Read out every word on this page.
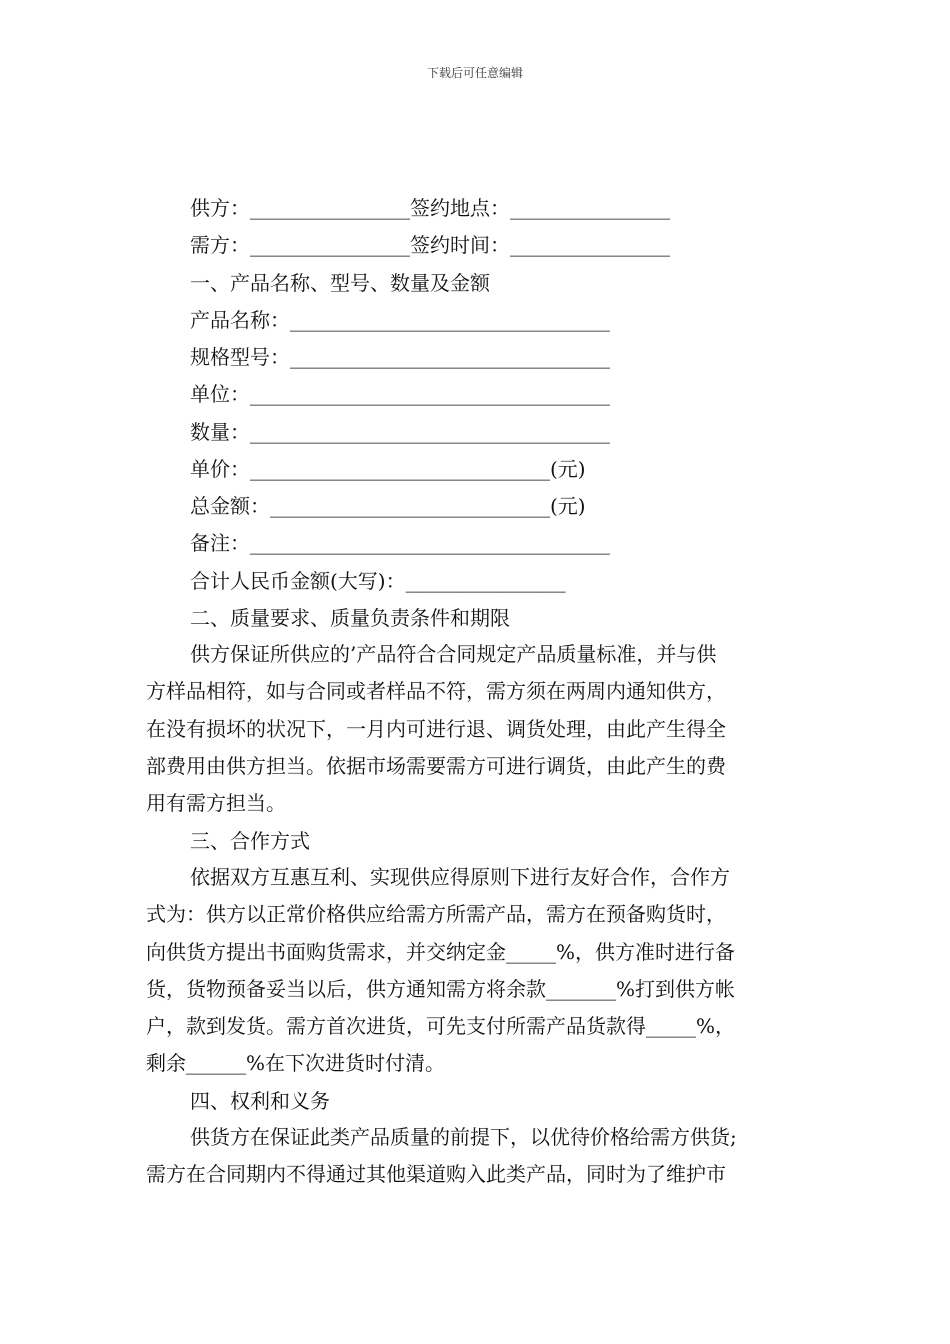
下载后可任意编辑
供方：________________签约地点：________________
需方：________________签约时间：________________
一、产品名称、型号、数量及金额
产品名称：________________________________
规格型号：________________________________
单位：____________________________________
数量：____________________________________
单价：______________________________(元)
总金额：____________________________(元)
备注：____________________________________
合计人民币金额(大写)：________________
二、质量要求、质量负责条件和期限
供方保证所供应的’产品符合合同规定产品质量标准，并与供
方样品相符，如与合同或者样品不符，需方须在两周内通知供方，
在没有损坏的状况下，一月内可进行退、调货处理，由此产生得全
部费用由供方担当。依据市场需要需方可进行调货，由此产生的费
用有需方担当。
三、合作方式
依据双方互惠互利、实现供应得原则下进行友好合作，合作方
式为：供方以正常价格供应给需方所需产品，需方在预备购货时，
向供货方提出书面购货需求，并交纳定金_____%，供方准时进行备
货，货物预备妥当以后，供方通知需方将余款_______%打到供方帐
户，款到发货。需方首次进货，可先支付所需产品货款得_____%，
剩余______%在下次进货时付清。
四、权利和义务
供货方在保证此类产品质量的前提下，以优待价格给需方供货;
需方在合同期内不得通过其他渠道购入此类产品，同时为了维护市
